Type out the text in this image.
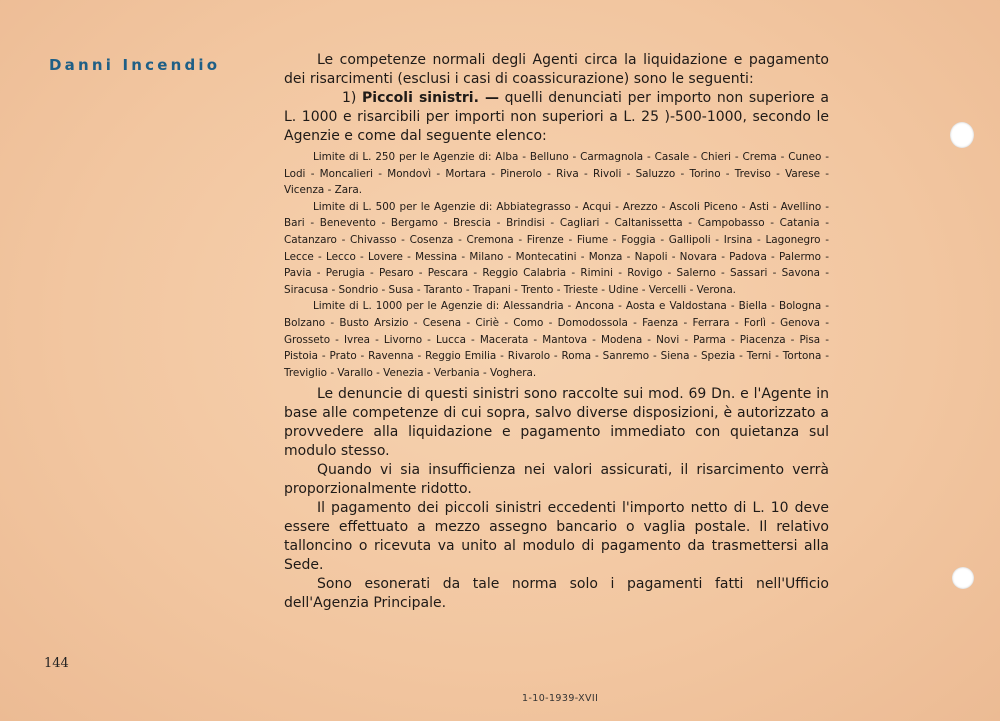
Danni Incendio	Le competenze normali degli Agenti circa la liquidazione e pagamento dei risarcimenti (esclusi i casi di coassicurazione) sono le seguenti:

1) Piccoli sinistri. — quelli denunciati per importo non superiore a L. 1000 e risarcibili per importi non superiori a L. 25 )-500-1000, secondo le Agenzie e come dal seguente elenco:

Limite di L. 250 per le Agenzie di: Alba - Belluno - Carmagnola - Casale - Chieri - Crema - Cuneo - Lodi - Moncalieri - Mondovì - Mortara - Pinerolo - Riva - Rivoli - Saluzzo - Torino - Treviso - Varese - Vicenza - Zara.

Limite di L. 500 per le Agenzie di: Abbiategrasso - Acqui - Arezzo - Ascoli Piceno - Asti - Avellino - Bari - Benevento - Bergamo - Brescia - Brindisi - Cagliari - Caltanissetta - Campobasso - Catania - Catanzaro - Chivasso - Cosenza - Cremona - Firenze - Fiume - Foggia - Gallipoli - Irsina - Lagonegro - Lecce - Lecco - Lovere - Messina - Milano - Montecatini - Monza - Napoli - Novara - Padova - Palermo - Pavia - Perugia - Pesaro - Pescara - Reggio Calabria - Rimini - Rovigo - Salerno - Sassari - Savona - Siracusa - Sondrio - Susa - Taranto - Trapani - Trento - Trieste - Udine - Vercelli - Verona.

Limite di L. 1000 per le Agenzie di: Alessandria - Ancona - Aosta e Valdostana - Biella - Bologna - Bolzano - Busto Arsizio - Cesena - Ciriè - Como - Domodossola - Faenza - Ferrara - Forlì - Genova - Grosseto - Ivrea - Livorno - Lucca - Macerata - Mantova - Modena - Novi - Parma - Piacenza - Pisa - Pistoia - Prato - Ravenna - Reggio Emilia - Rivarolo - Roma - Sanremo - Siena - Spezia - Terni - Tortona - Treviglio - Varallo - Venezia - Verbania - Voghera.

Le denuncie di questi sinistri sono raccolte sui mod. 69 Dn. e l'Agente in base alle competenze di cui sopra, salvo diverse disposizioni, è autorizzato a provvedere alla liquidazione e pagamento immediato con quietanza sul modulo stesso.

Quando vi sia insufficienza nei valori assicurati, il risarcimento verrà proporzionalmente ridotto.

Il pagamento dei piccoli sinistri eccedenti l'importo netto di L. 10 deve essere effettuato a mezzo assegno bancario o vaglia postale. Il relativo talloncino o ricevuta va unito al modulo di pagamento da trasmettersi alla Sede.

Sono esonerati da tale norma solo i pagamenti fatti nell'Ufficio dell'Agenzia Principale.

144
1-10-1939-XVII
